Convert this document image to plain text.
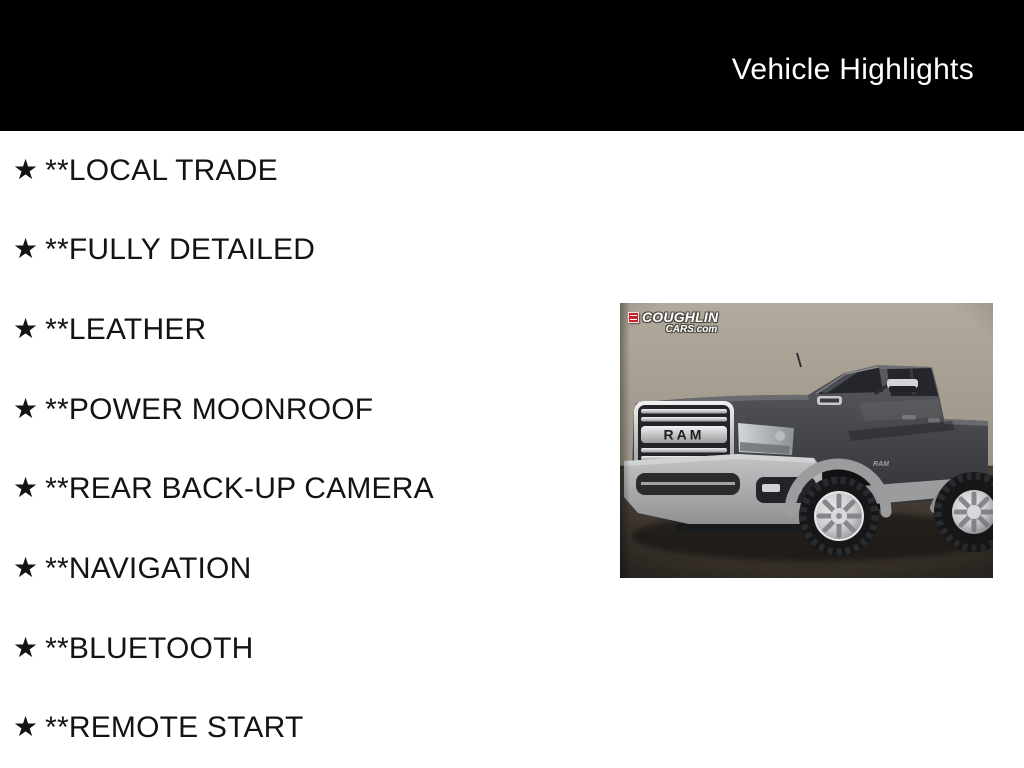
Vehicle Highlights
★ **LOCAL TRADE
★ **FULLY DETAILED
★ **LEATHER
★ **POWER MOONROOF
★ **REAR BACK-UP CAMERA
★ **NAVIGATION
★ **BLUETOOTH
★ **REMOTE START
COUGHLIN
CARS.com
